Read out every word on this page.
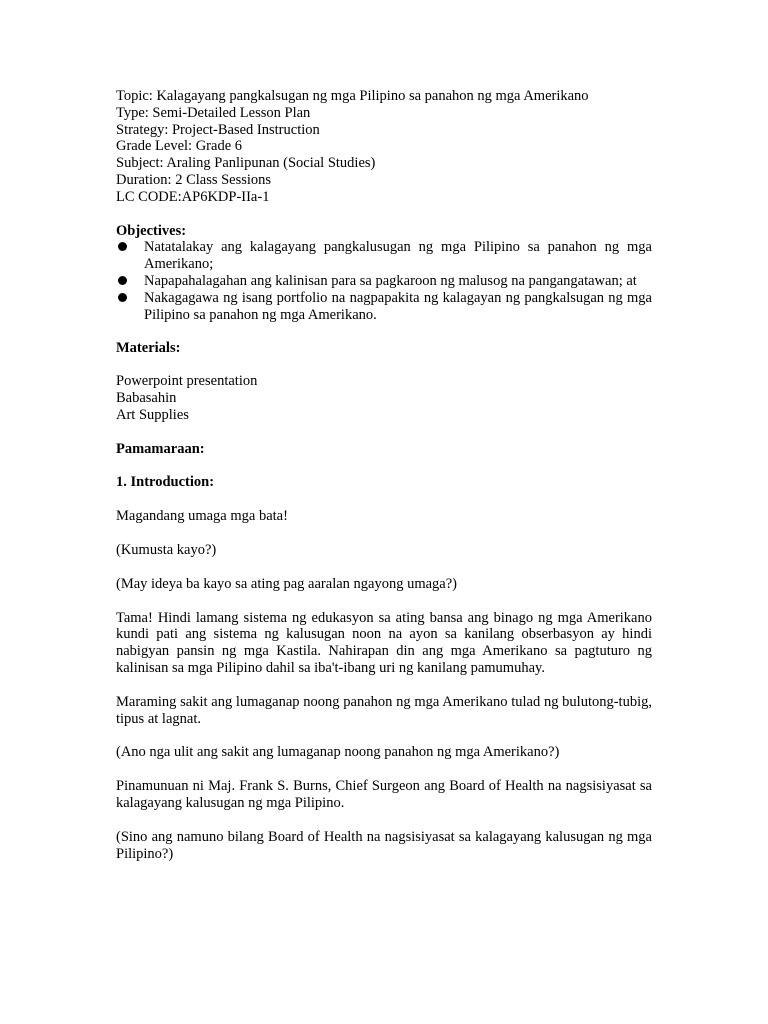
Topic: Kalagayang pangkalsugan ng mga Pilipino sa panahon ng mga Amerikano
Type: Semi-Detailed Lesson Plan
Strategy: Project-Based Instruction
Grade Level: Grade 6
Subject: Araling Panlipunan (Social Studies)
Duration: 2 Class Sessions
LC CODE:AP6KDP-IIa-1
Objectives:
Natatalakay ang kalagayang pangkalusugan ng mga Pilipino sa panahon ng mga Amerikano;
Napapahalagahan ang kalinisan para sa pagkaroon ng malusog na pangangatawan; at
Nakagagawa ng isang portfolio na nagpapakita ng kalagayan ng pangkalsugan ng mga Pilipino sa panahon ng mga Amerikano.
Materials:
Powerpoint presentation
Babasahin
Art Supplies
Pamamaraan:
1. Introduction:
Magandang umaga mga bata!
(Kumusta kayo?)
(May ideya ba kayo sa ating pag aaralan ngayong umaga?)
Tama! Hindi lamang sistema ng edukasyon sa ating bansa ang binago ng mga Amerikano kundi pati ang sistema ng kalusugan noon na ayon sa kanilang obserbasyon ay hindi nabigyan pansin ng mga Kastila. Nahirapan din ang mga Amerikano sa pagtuturo ng kalinisan sa mga Pilipino dahil sa iba't-ibang uri ng kanilang pamumuhay.
Maraming sakit ang lumaganap noong panahon ng mga Amerikano tulad ng bulutong-tubig, tipus at lagnat.
(Ano nga ulit ang sakit ang lumaganap noong panahon ng mga Amerikano?)
Pinamunuan ni Maj. Frank S. Burns, Chief Surgeon ang Board of Health na nagsisiyasat sa kalagayang kalusugan ng mga Pilipino.
(Sino ang namuno bilang Board of Health na nagsisiyasat sa kalagayang kalusugan ng mga Pilipino?)
